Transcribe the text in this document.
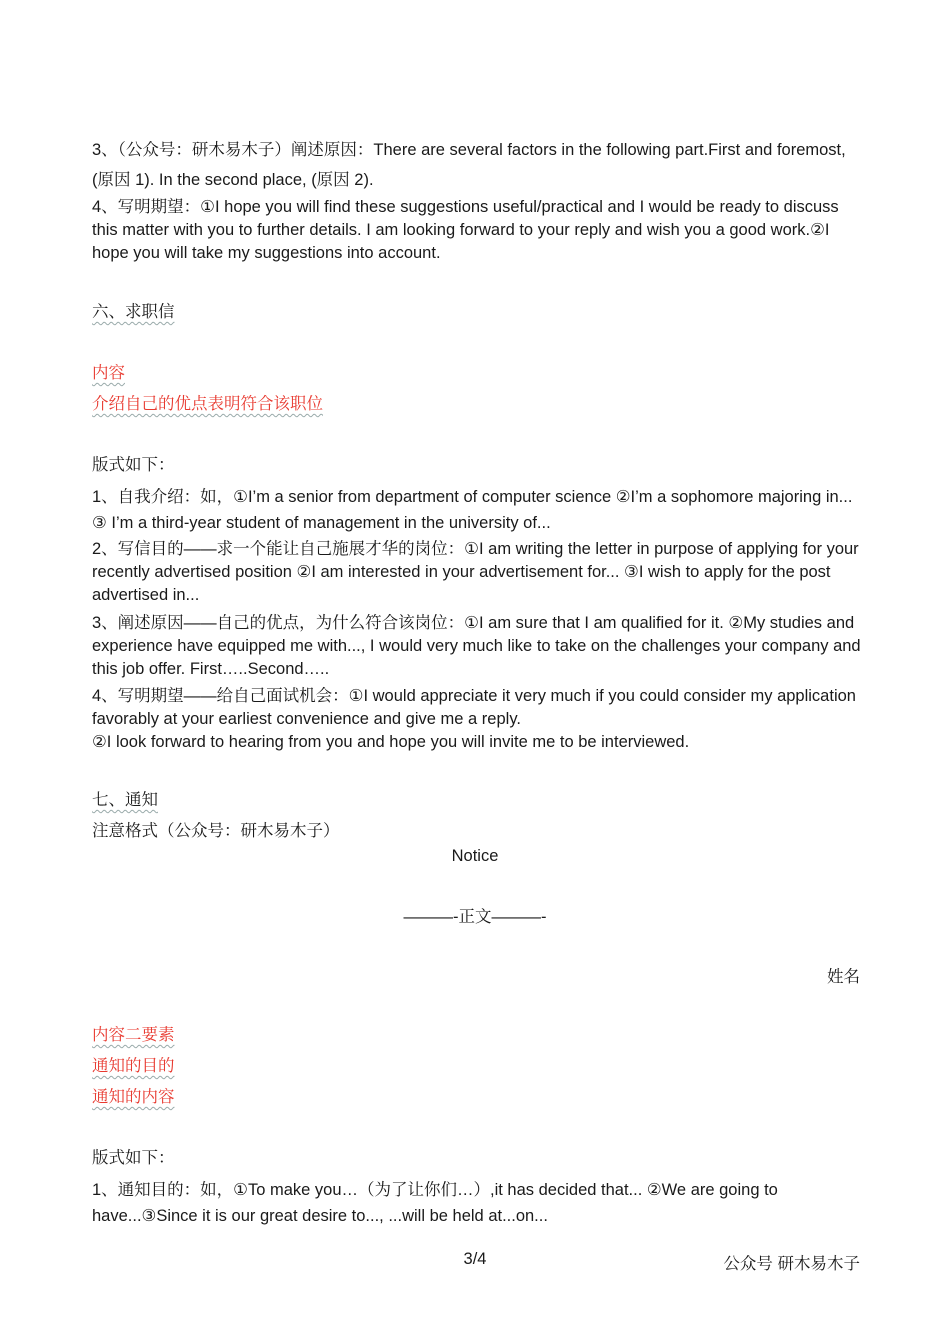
3、（公众号：研木易木子）阐述原因：There are several factors in the following part.First and foremost, (原因 1). In the second place, (原因 2).

4、写明期望：①I hope you will find these suggestions useful/practical and I would be ready to discuss this matter with you to further details. I am looking forward to your reply and wish you a good work.②I hope you will take my suggestions into account.

六、求职信

内容

介绍自己的优点表明符合该职位

版式如下：

1、自我介绍：如，①I’m a senior from department of computer science ②I’m a sophomore majoring in... ③ I’m a third-year student of management in the university of...

2、写信目的——求一个能让自己施展才华的岗位：①I am writing the letter in purpose of applying for your recently advertised position ②I am interested in your advertisement for... ③I wish to apply for the post advertised in...

3、阐述原因——自己的优点，为什么符合该岗位：①I am sure that I am qualified for it. ②My studies and experience have equipped me with..., I would very much like to take on the challenges your company and this job offer. First…..Second…..

4、写明期望——给自己面试机会：①I would appreciate it very much if you could consider my application favorably at your earliest convenience and give me a reply.

②I look forward to hearing from you and hope you will invite me to be interviewed.

七、通知

注意格式（公众号：研木易木子）

Notice

———-正文———-

姓名

内容二要素

通知的目的

通知的内容

版式如下：

1、通知目的：如，①To make you…（为了让你们…）,it has decided that... ②We are going to have...③Since it is our great desire to..., ...will be held at...on...

3/4	公众号 研木易木子
